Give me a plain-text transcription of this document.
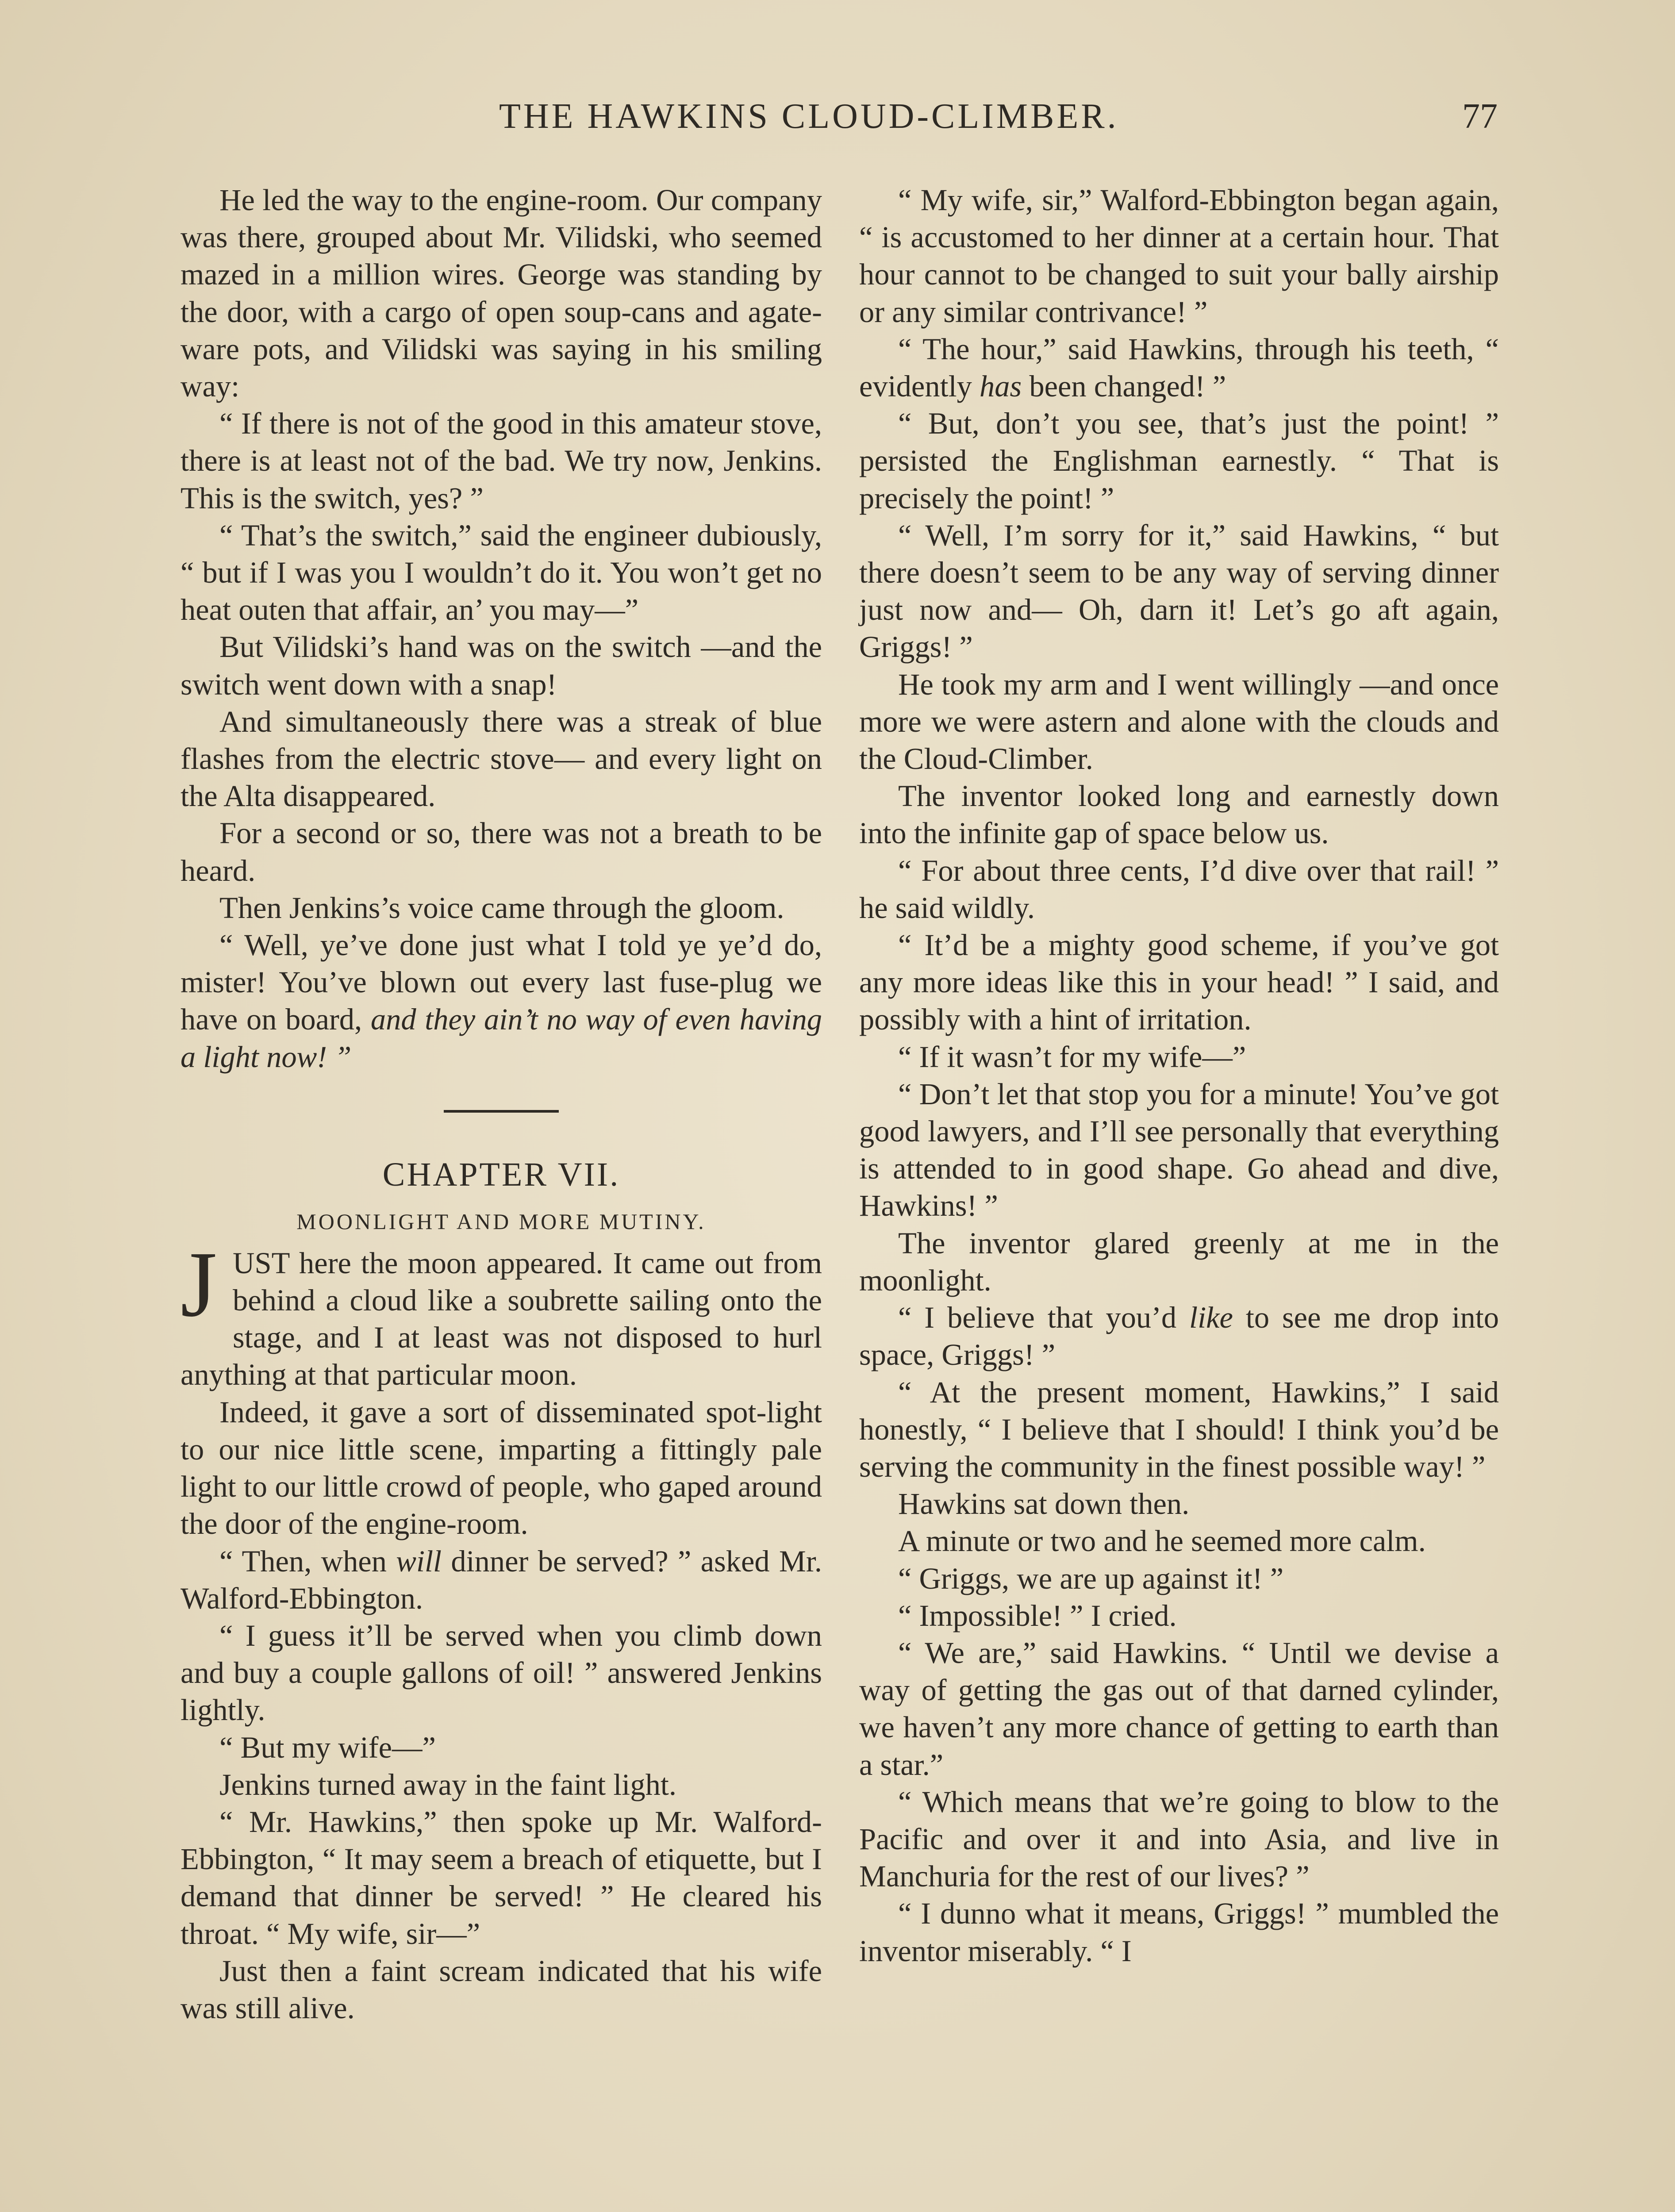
THE HAWKINS CLOUD-CLIMBER.	77

He led the way to the engine-room. Our company was there, grouped about Mr. Vilidski, who seemed mazed in a million wires. George was standing by the door, with a cargo of open soup-cans and agate-ware pots, and Vilidski was saying in his smiling way:

“ If there is not of the good in this amateur stove, there is at least not of the bad. We try now, Jenkins. This is the switch, yes? ”

“ That’s the switch,” said the engineer dubiously, “ but if I was you I wouldn’t do it. You won’t get no heat outen that affair, an’ you may—”

But Vilidski’s hand was on the switch —and the switch went down with a snap!

And simultaneously there was a streak of blue flashes from the electric stove— and every light on the Alta disappeared.

For a second or so, there was not a breath to be heard.

Then Jenkins’s voice came through the gloom.

“ Well, ye’ve done just what I told ye ye’d do, mister! You’ve blown out every last fuse-plug we have on board, and they ain’t no way of even having a light now! ”

CHAPTER VII.
MOONLIGHT AND MORE MUTINY.
J UST here the moon appeared. It came out from behind a cloud like a soubrette sailing onto the stage, and I at least was not disposed to hurl anything at that particular moon.

Indeed, it gave a sort of disseminated spot-light to our nice little scene, imparting a fittingly pale light to our little crowd of people, who gaped around the door of the engine-room.

“ Then, when will dinner be served? ” asked Mr. Walford-Ebbington.

“ I guess it’ll be served when you climb down and buy a couple gallons of oil! ” answered Jenkins lightly.

“ But my wife—”

Jenkins turned away in the faint light.

“ Mr. Hawkins,” then spoke up Mr. Walford-Ebbington, “ It may seem a breach of etiquette, but I demand that dinner be served! ” He cleared his throat. “ My wife, sir—”

Just then a faint scream indicated that his wife was still alive.

“ My wife, sir,” Walford-Ebbington began again, “ is accustomed to her dinner at a certain hour. That hour cannot to be changed to suit your bally airship or any similar contrivance! ”

“ The hour,” said Hawkins, through his teeth, “ evidently has been changed! ”

“ But, don’t you see, that’s just the point! ” persisted the Englishman earnestly. “ That is precisely the point! ”

“ Well, I’m sorry for it,” said Hawkins, “ but there doesn’t seem to be any way of serving dinner just now and— Oh, darn it! Let’s go aft again, Griggs! ”

He took my arm and I went willingly —and once more we were astern and alone with the clouds and the Cloud-Climber.

The inventor looked long and earnestly down into the infinite gap of space below us.

“ For about three cents, I’d dive over that rail! ” he said wildly.

“ It’d be a mighty good scheme, if you’ve got any more ideas like this in your head! ” I said, and possibly with a hint of irritation.

“ If it wasn’t for my wife—”

“ Don’t let that stop you for a minute! You’ve got good lawyers, and I’ll see personally that everything is attended to in good shape. Go ahead and dive, Hawkins! ”

The inventor glared greenly at me in the moonlight.

“ I believe that you’d like to see me drop into space, Griggs! ”

“ At the present moment, Hawkins,” I said honestly, “ I believe that I should! I think you’d be serving the community in the finest possible way! ”

Hawkins sat down then.

A minute or two and he seemed more calm.

“ Griggs, we are up against it! ”

“ Impossible! ” I cried.

“ We are,” said Hawkins. “ Until we devise a way of getting the gas out of that darned cylinder, we haven’t any more chance of getting to earth than a star.”

“ Which means that we’re going to blow to the Pacific and over it and into Asia, and live in Manchuria for the rest of our lives? ”

“ I dunno what it means, Griggs! ” mumbled the inventor miserably. “ I
